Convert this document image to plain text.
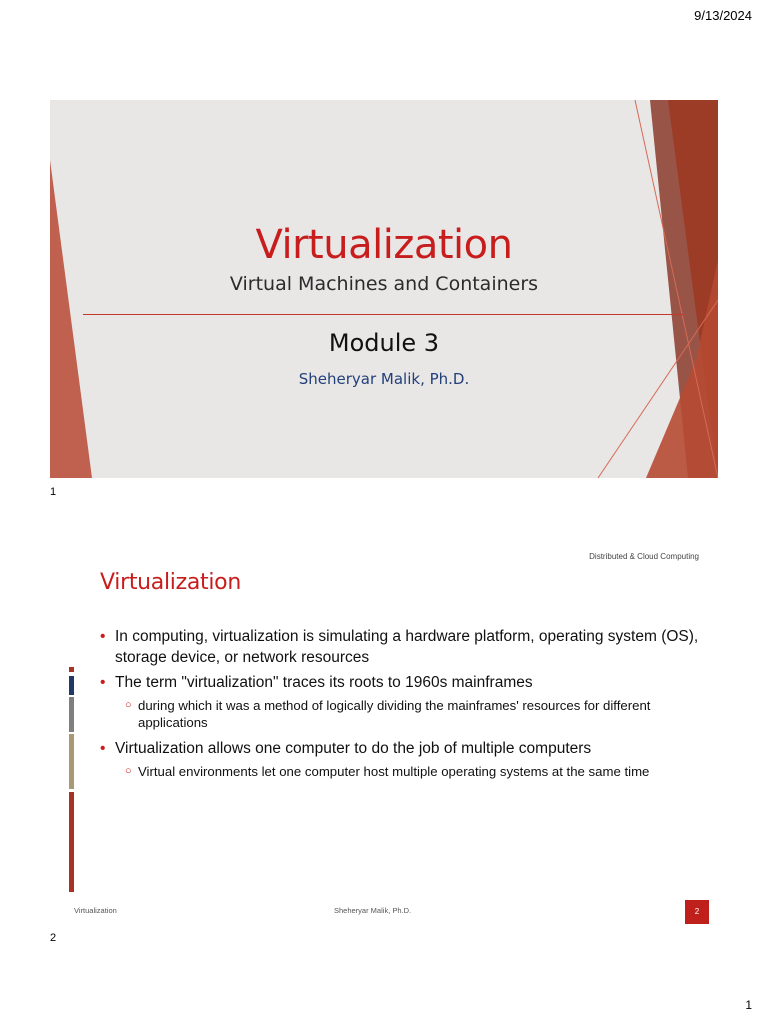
9/13/2024
Virtualization
Virtual Machines and Containers
Module 3
Sheheryar Malik, Ph.D.
1
Distributed & Cloud Computing
Virtualization
• In computing, virtualization is simulating a hardware platform, operating system (OS), storage device, or network resources
• The term "virtualization" traces its roots to 1960s mainframes
○ during which it was a method of logically dividing the mainframes' resources for different applications
• Virtualization allows one computer to do the job of multiple computers
○ Virtual environments let one computer host multiple operating systems at the same time
Virtualization	Sheheryar Malik, Ph.D.	2
2
1
